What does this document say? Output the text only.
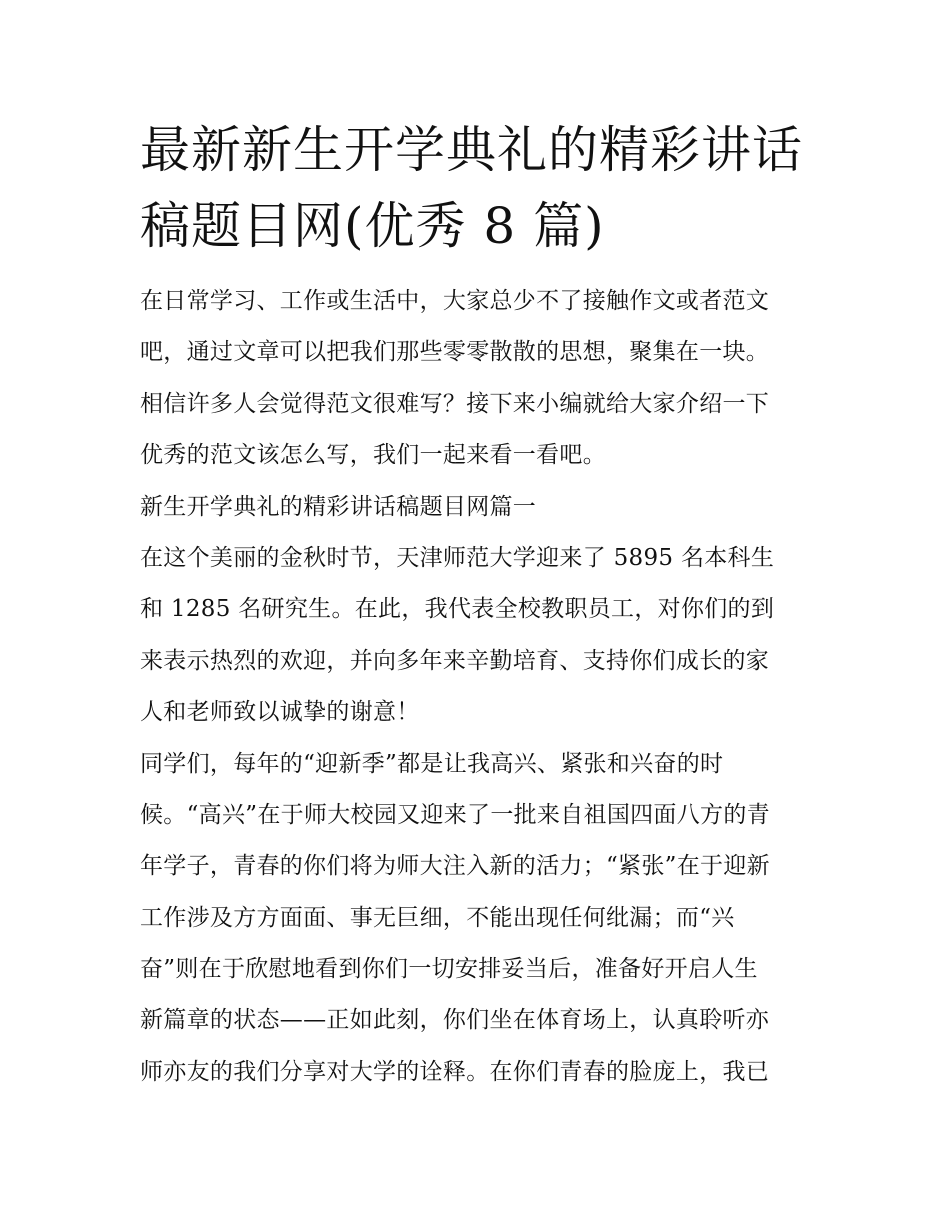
最新新生开学典礼的精彩讲话
稿题目网(优秀 8 篇)
在日常学习、工作或生活中，大家总少不了接触作文或者范文
吧，通过文章可以把我们那些零零散散的思想，聚集在一块。
相信许多人会觉得范文很难写？接下来小编就给大家介绍一下
优秀的范文该怎么写，我们一起来看一看吧。
新生开学典礼的精彩讲话稿题目网篇一
在这个美丽的金秋时节，天津师范大学迎来了 5895 名本科生
和 1285 名研究生。在此，我代表全校教职员工，对你们的到
来表示热烈的欢迎，并向多年来辛勤培育、支持你们成长的家
人和老师致以诚挚的谢意！
同学们，每年的“迎新季”都是让我高兴、紧张和兴奋的时
候。“高兴”在于师大校园又迎来了一批来自祖国四面八方的青
年学子，青春的你们将为师大注入新的活力；“紧张”在于迎新
工作涉及方方面面、事无巨细，不能出现任何纰漏；而“兴
奋”则在于欣慰地看到你们一切安排妥当后，准备好开启人生
新篇章的状态——正如此刻，你们坐在体育场上，认真聆听亦
师亦友的我们分享对大学的诠释。在你们青春的脸庞上，我已
